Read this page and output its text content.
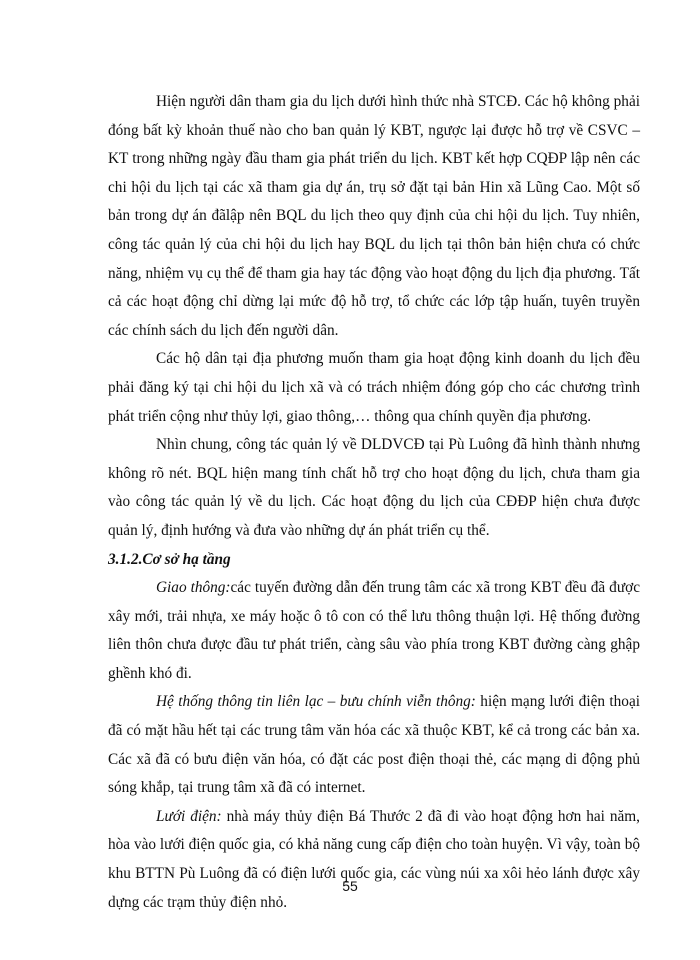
Hiện người dân tham gia du lịch dưới hình thức nhà STCĐ. Các hộ không phải đóng bất kỳ khoản thuế nào cho ban quản lý KBT, ngược lại được hỗ trợ về CSVC – KT trong những ngày đầu tham gia phát triển du lịch. KBT kết hợp CQĐP lập nên các chi hội du lịch tại các xã tham gia dự án, trụ sở đặt tại bản Hin xã Lũng Cao. Một số bản trong dự án đãlập nên BQL du lịch theo quy định của chi hội du lịch. Tuy nhiên, công tác quản lý của chi hội du lịch hay BQL du lịch tại thôn bản hiện chưa có chức năng, nhiệm vụ cụ thể để tham gia hay tác động vào hoạt động du lịch địa phương. Tất cả các hoạt động chỉ dừng lại mức độ hỗ trợ, tổ chức các lớp tập huấn, tuyên truyền các chính sách du lịch đến người dân.

Các hộ dân tại địa phương muốn tham gia hoạt động kinh doanh du lịch đều phải đăng ký tại chi hội du lịch xã và có trách nhiệm đóng góp cho các chương trình phát triển cộng như thủy lợi, giao thông,… thông qua chính quyền địa phương.

Nhìn chung, công tác quản lý về DLDVCĐ tại Pù Luông đã hình thành nhưng không rõ nét. BQL hiện mang tính chất hỗ trợ cho hoạt động du lịch, chưa tham gia vào công tác quản lý về du lịch. Các hoạt động du lịch của CĐĐP hiện chưa được quản lý, định hướng và đưa vào những dự án phát triển cụ thể.

3.1.2.Cơ sở hạ tầng

Giao thông:các tuyến đường dẫn đến trung tâm các xã trong KBT đều đã được xây mới, trải nhựa, xe máy hoặc ô tô con có thể lưu thông thuận lợi. Hệ thống đường liên thôn chưa được đầu tư phát triển, càng sâu vào phía trong KBT đường càng ghập ghềnh khó đi.

Hệ thống thông tin liên lạc – bưu chính viễn thông: hiện mạng lưới điện thoại đã có mặt hầu hết tại các trung tâm văn hóa các xã thuộc KBT, kể cả trong các bản xa. Các xã đã có bưu điện văn hóa, có đặt các post điện thoại thẻ, các mạng di động phủ sóng khắp, tại trung tâm xã đã có internet.

Lưới điện: nhà máy thủy điện Bá Thước 2 đã đi vào hoạt động hơn hai năm, hòa vào lưới điện quốc gia, có khả năng cung cấp điện cho toàn huyện. Vì vậy, toàn bộ khu BTTN Pù Luông đã có điện lưới quốc gia, các vùng núi xa xôi hẻo lánh được xây dựng các trạm thủy điện nhỏ.

55
